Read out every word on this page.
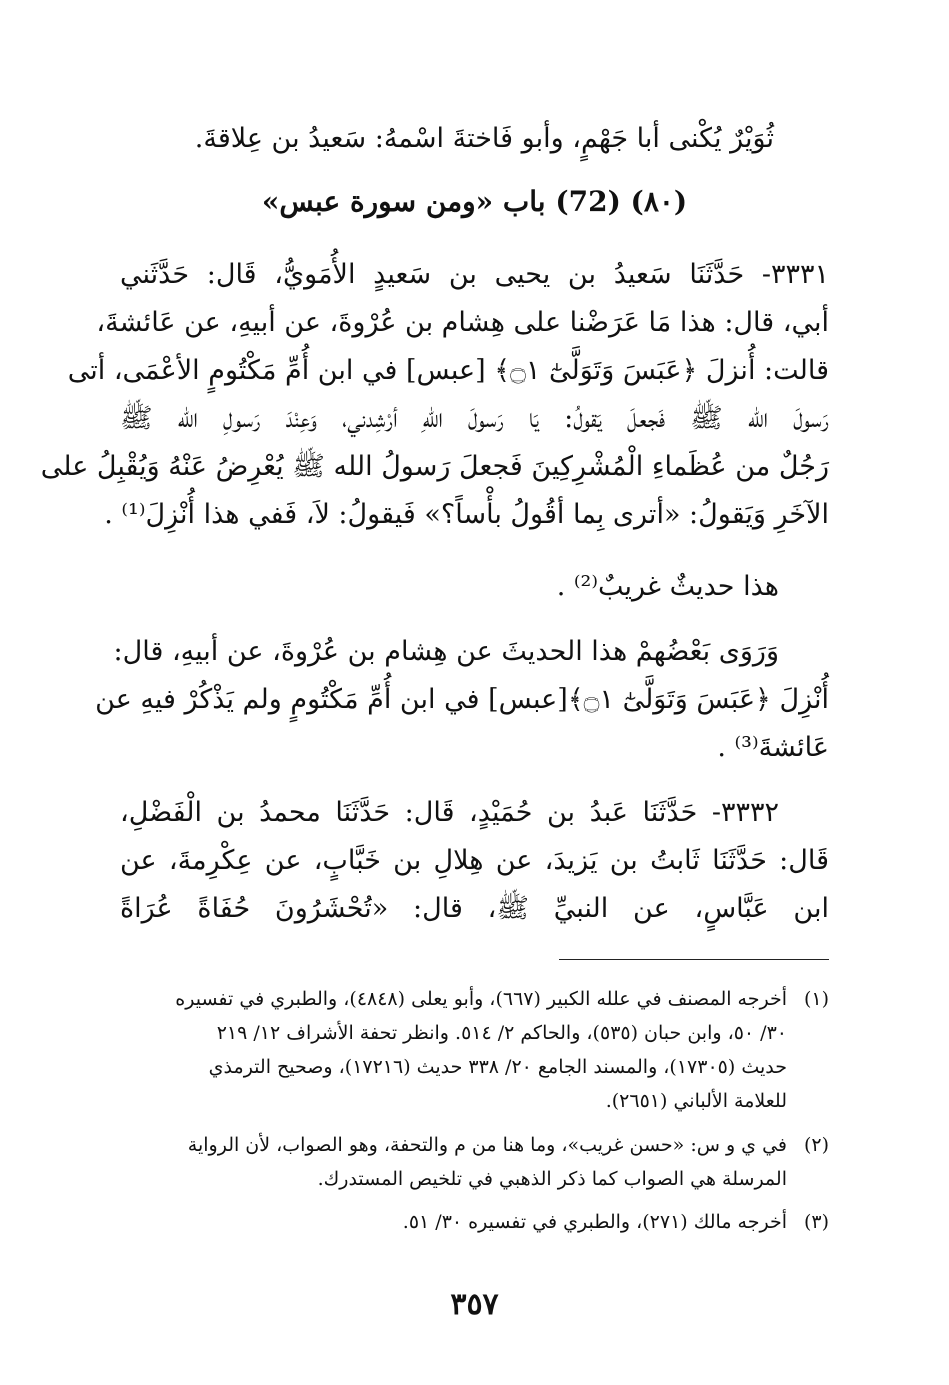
ثُوَيْرٌ يُكْنى أبا جَهْمٍ، وأبو فَاختةَ اسْمهُ: سَعيدُ بن عِلاقةَ.
(٨٠) (72) باب «ومن سورة عبس»
٣٣٣١- حَدَّثَنَا سَعيدُ بن يحيى بن سَعيدٍ الأُمَويُّ، قَال: حَدَّثَني
أبي، قال: هذا مَا عَرَضْنا على هِشام بن عُرْوةَ، عن أبيهِ، عن عَائشةَ،
قالت: أُنزلَ ﴿عَبَسَ وَتَوَلَّىٰٓ ۝١﴾ [عبس] في ابن أُمِّ مَكْتُومٍ الأعْمَى، أتى
رَسولَ الله ﷺ فَجعلَ يَقولُ: يَا رَسولَ اللهِ أرْشِدني، وَعِنْدَ رَسولِ الله ﷺ
رَجُلٌ من عُظَماءِ الْمُشْرِكِينَ فَجعلَ رَسولُ الله ﷺ يُعْرِضُ عَنْهُ وَيُقْبِلُ على
الآخَرِ وَيَقولُ: «أترى بِما أقُولُ بأْساً؟» فَيقولُ: لاَ، فَفي هذا أُنْزِلَ⁽¹⁾ .
هذا حديثٌ غريبٌ⁽²⁾ .
وَرَوَى بَعْضُهمْ هذا الحديثَ عن هِشام بن عُرْوةَ، عن أبيهِ، قال:
أُنْزِلَ ﴿عَبَسَ وَتَوَلَّىٰٓ ۝١﴾[عبس] في ابن أُمِّ مَكْتُومٍ ولم يَذْكُرْ فيهِ عن
عَائشةَ⁽³⁾ .
٣٣٣٢- حَدَّثَنَا عَبدُ بن حُمَيْدٍ، قَال: حَدَّثَنَا محمدُ بن الْفَضْلِ،
قَال: حَدَّثَنَا ثَابتُ بن يَزيدَ، عن هِلالِ بن خَبَّابٍ، عن عِكْرِمةَ، عن
ابن عَبَّاسٍ، عن النبيِّ ﷺ، قال: «تُحْشَرُونَ حُفَاةً عُرَاةً
(١)أخرجه المصنف في علله الكبير (٦٦٧)، وأبو يعلى (٤٨٤٨)، والطبري في تفسيره
٣٠/ ٥٠، وابن حبان (٥٣٥)، والحاكم ٢/ ٥١٤. وانظر تحفة الأشراف ١٢/ ٢١٩
حديث (١٧٣٠٥)، والمسند الجامع ٢٠/ ٣٣٨ حديث (١٧٢١٦)، وصحيح الترمذي
للعلامة الألباني (٢٦٥١).
(٢)في ي و س: «حسن غريب»، وما هنا من م والتحفة، وهو الصواب، لأن الرواية
المرسلة هي الصواب كما ذكر الذهبي في تلخيص المستدرك.
(٣)أخرجه مالك (٢٧١)، والطبري في تفسيره ٣٠/ ٥١.
٣٥٧
